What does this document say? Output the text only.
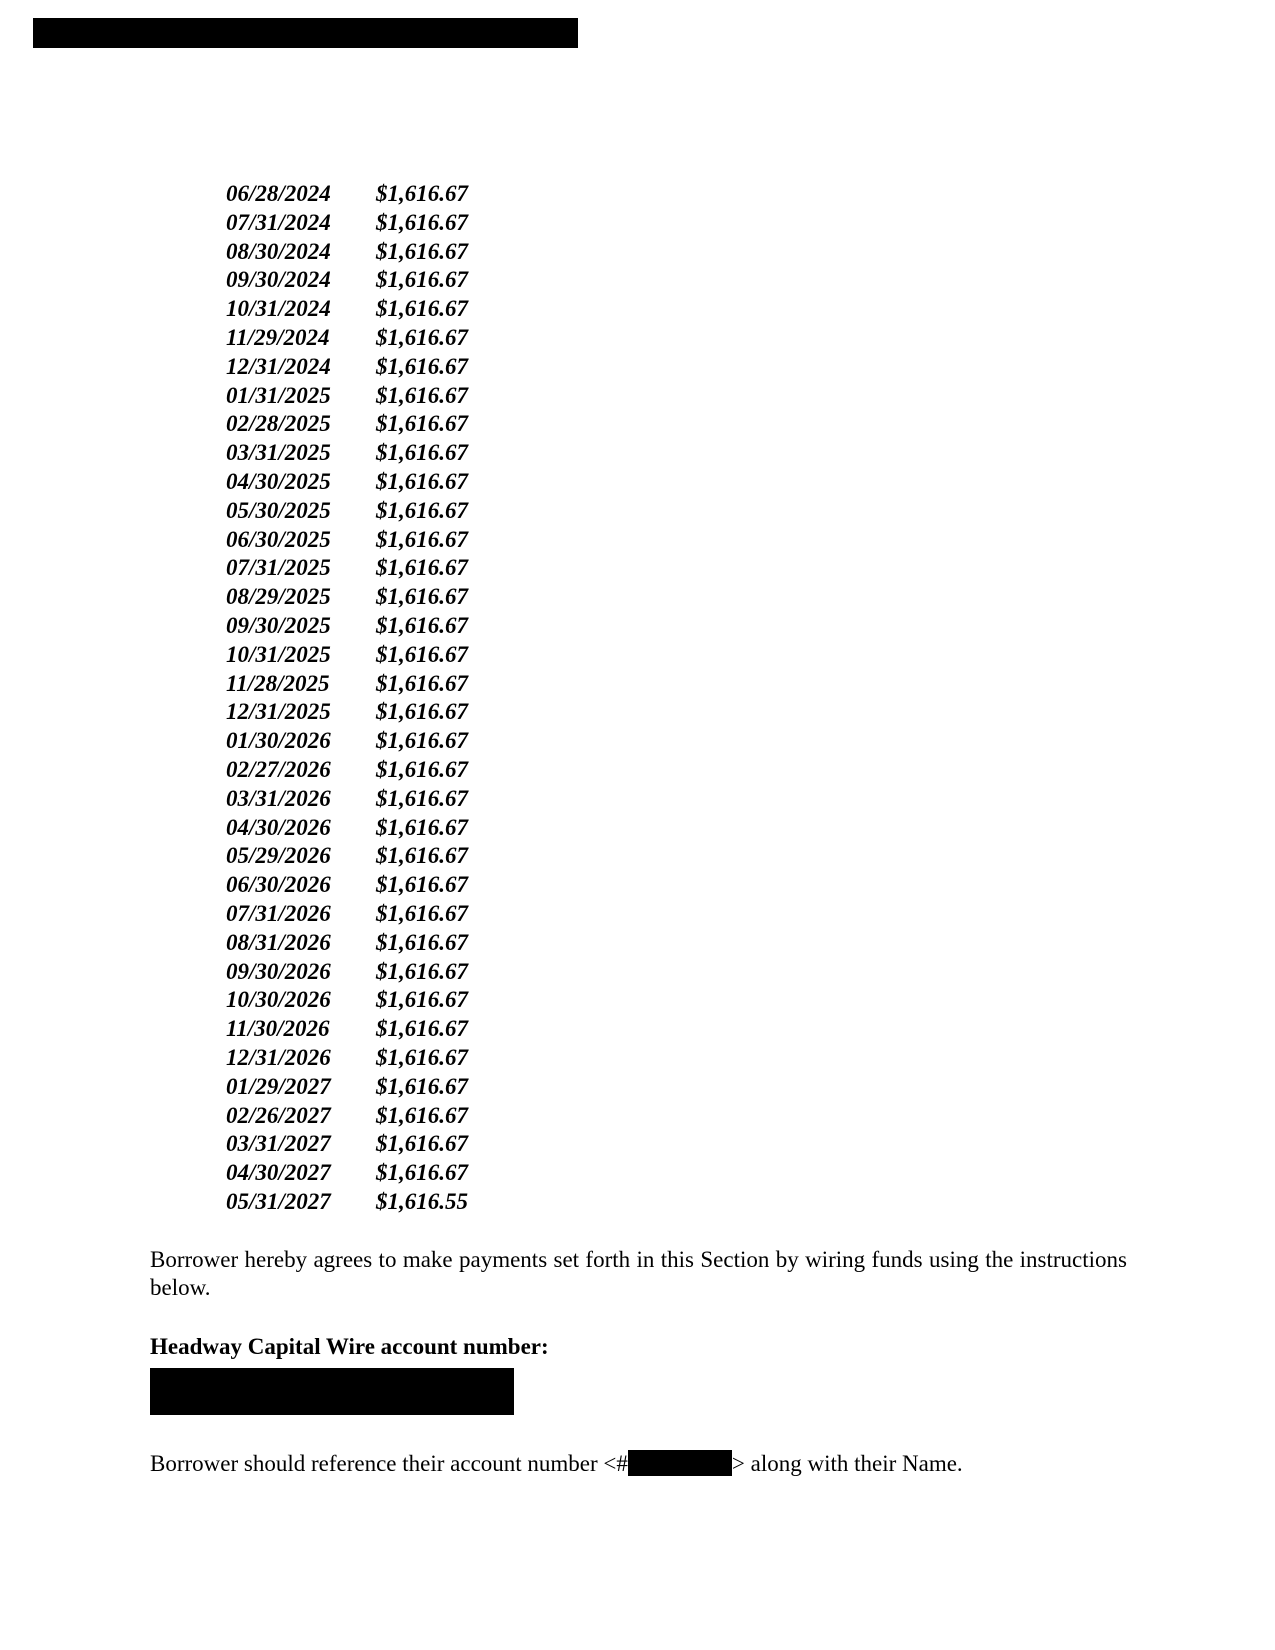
06/28/2024	$1,616.67
07/31/2024	$1,616.67
08/30/2024	$1,616.67
09/30/2024	$1,616.67
10/31/2024	$1,616.67
11/29/2024	$1,616.67
12/31/2024	$1,616.67
01/31/2025	$1,616.67
02/28/2025	$1,616.67
03/31/2025	$1,616.67
04/30/2025	$1,616.67
05/30/2025	$1,616.67
06/30/2025	$1,616.67
07/31/2025	$1,616.67
08/29/2025	$1,616.67
09/30/2025	$1,616.67
10/31/2025	$1,616.67
11/28/2025	$1,616.67
12/31/2025	$1,616.67
01/30/2026	$1,616.67
02/27/2026	$1,616.67
03/31/2026	$1,616.67
04/30/2026	$1,616.67
05/29/2026	$1,616.67
06/30/2026	$1,616.67
07/31/2026	$1,616.67
08/31/2026	$1,616.67
09/30/2026	$1,616.67
10/30/2026	$1,616.67
11/30/2026	$1,616.67
12/31/2026	$1,616.67
01/29/2027	$1,616.67
02/26/2027	$1,616.67
03/31/2027	$1,616.67
04/30/2027	$1,616.67
05/31/2027	$1,616.55

Borrower hereby agrees to make payments set forth in this Section by wiring funds using the instructions below.

Headway Capital Wire account number:

Borrower should reference their account number <#	> along with their Name.
